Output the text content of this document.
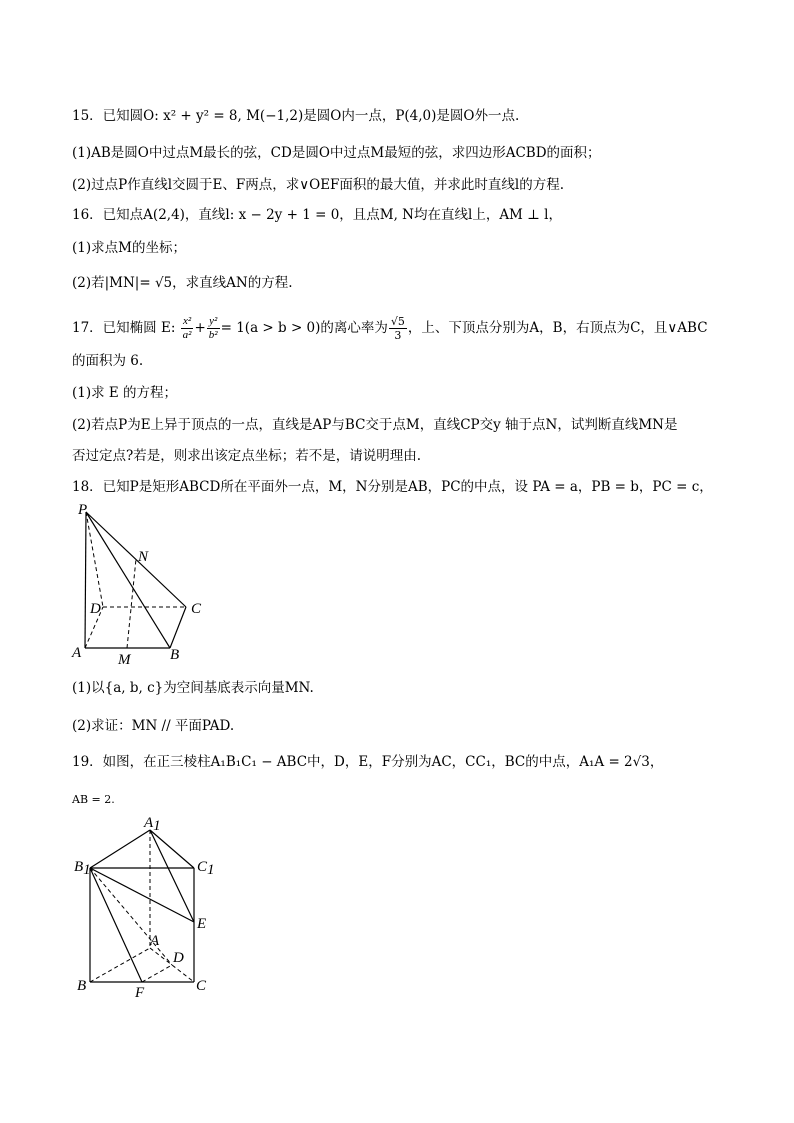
15．已知圆O: x² + y² = 8, M(−1,2)是圆O内一点，P(4,0)是圆O外一点.
(1)AB是圆O中过点M最长的弦，CD是圆O中过点M最短的弦，求四边形ACBD的面积；
(2)过点P作直线l交圆于E、F两点，求∨OEF面积的最大值，并求此时直线l的方程.
16．已知点A(2,4)，直线l: x − 2y + 1 = 0，且点M, N均在直线l上，AM ⊥ l，
(1)求点M的坐标；
(2)若|MN|= √5，求直线AN的方程.
17．已知椭圆 E: $\frac{\text{x²}}{\text{a²}} + \frac{\text{y²}}{\text{b²}} = 1(a > b > 0)$的离心率为 $\frac{√5}{3}$ ，上、下顶点分别为A，B，右顶点为C，且∨ABC
的面积为 6.
(1)求 E 的方程；
(2)若点P为E上异于顶点的一点，直线是AP与BC交于点M，直线CP交y 轴于点N，试判断直线MN是
否过定点?若是，则求出该定点坐标；若不是，请说明理由.
18．已知P是矩形ABCD所在平面外一点，M，N分别是AB，PC的中点，设 PA = a，PB = b，PC = c，
P
N
D	C
A M	B
(1)以{a, b, c}为空间基底表示向量MN.
(2)求证：MN // 平面PAD.
19．如图，在正三棱柱A₁B₁C₁ − ABC中，D，E，F分别为AC，CC₁，BC的中点，A₁A = 2√3，
AB = 2.
A1
B1	C1
E
A
D
B	F	C
